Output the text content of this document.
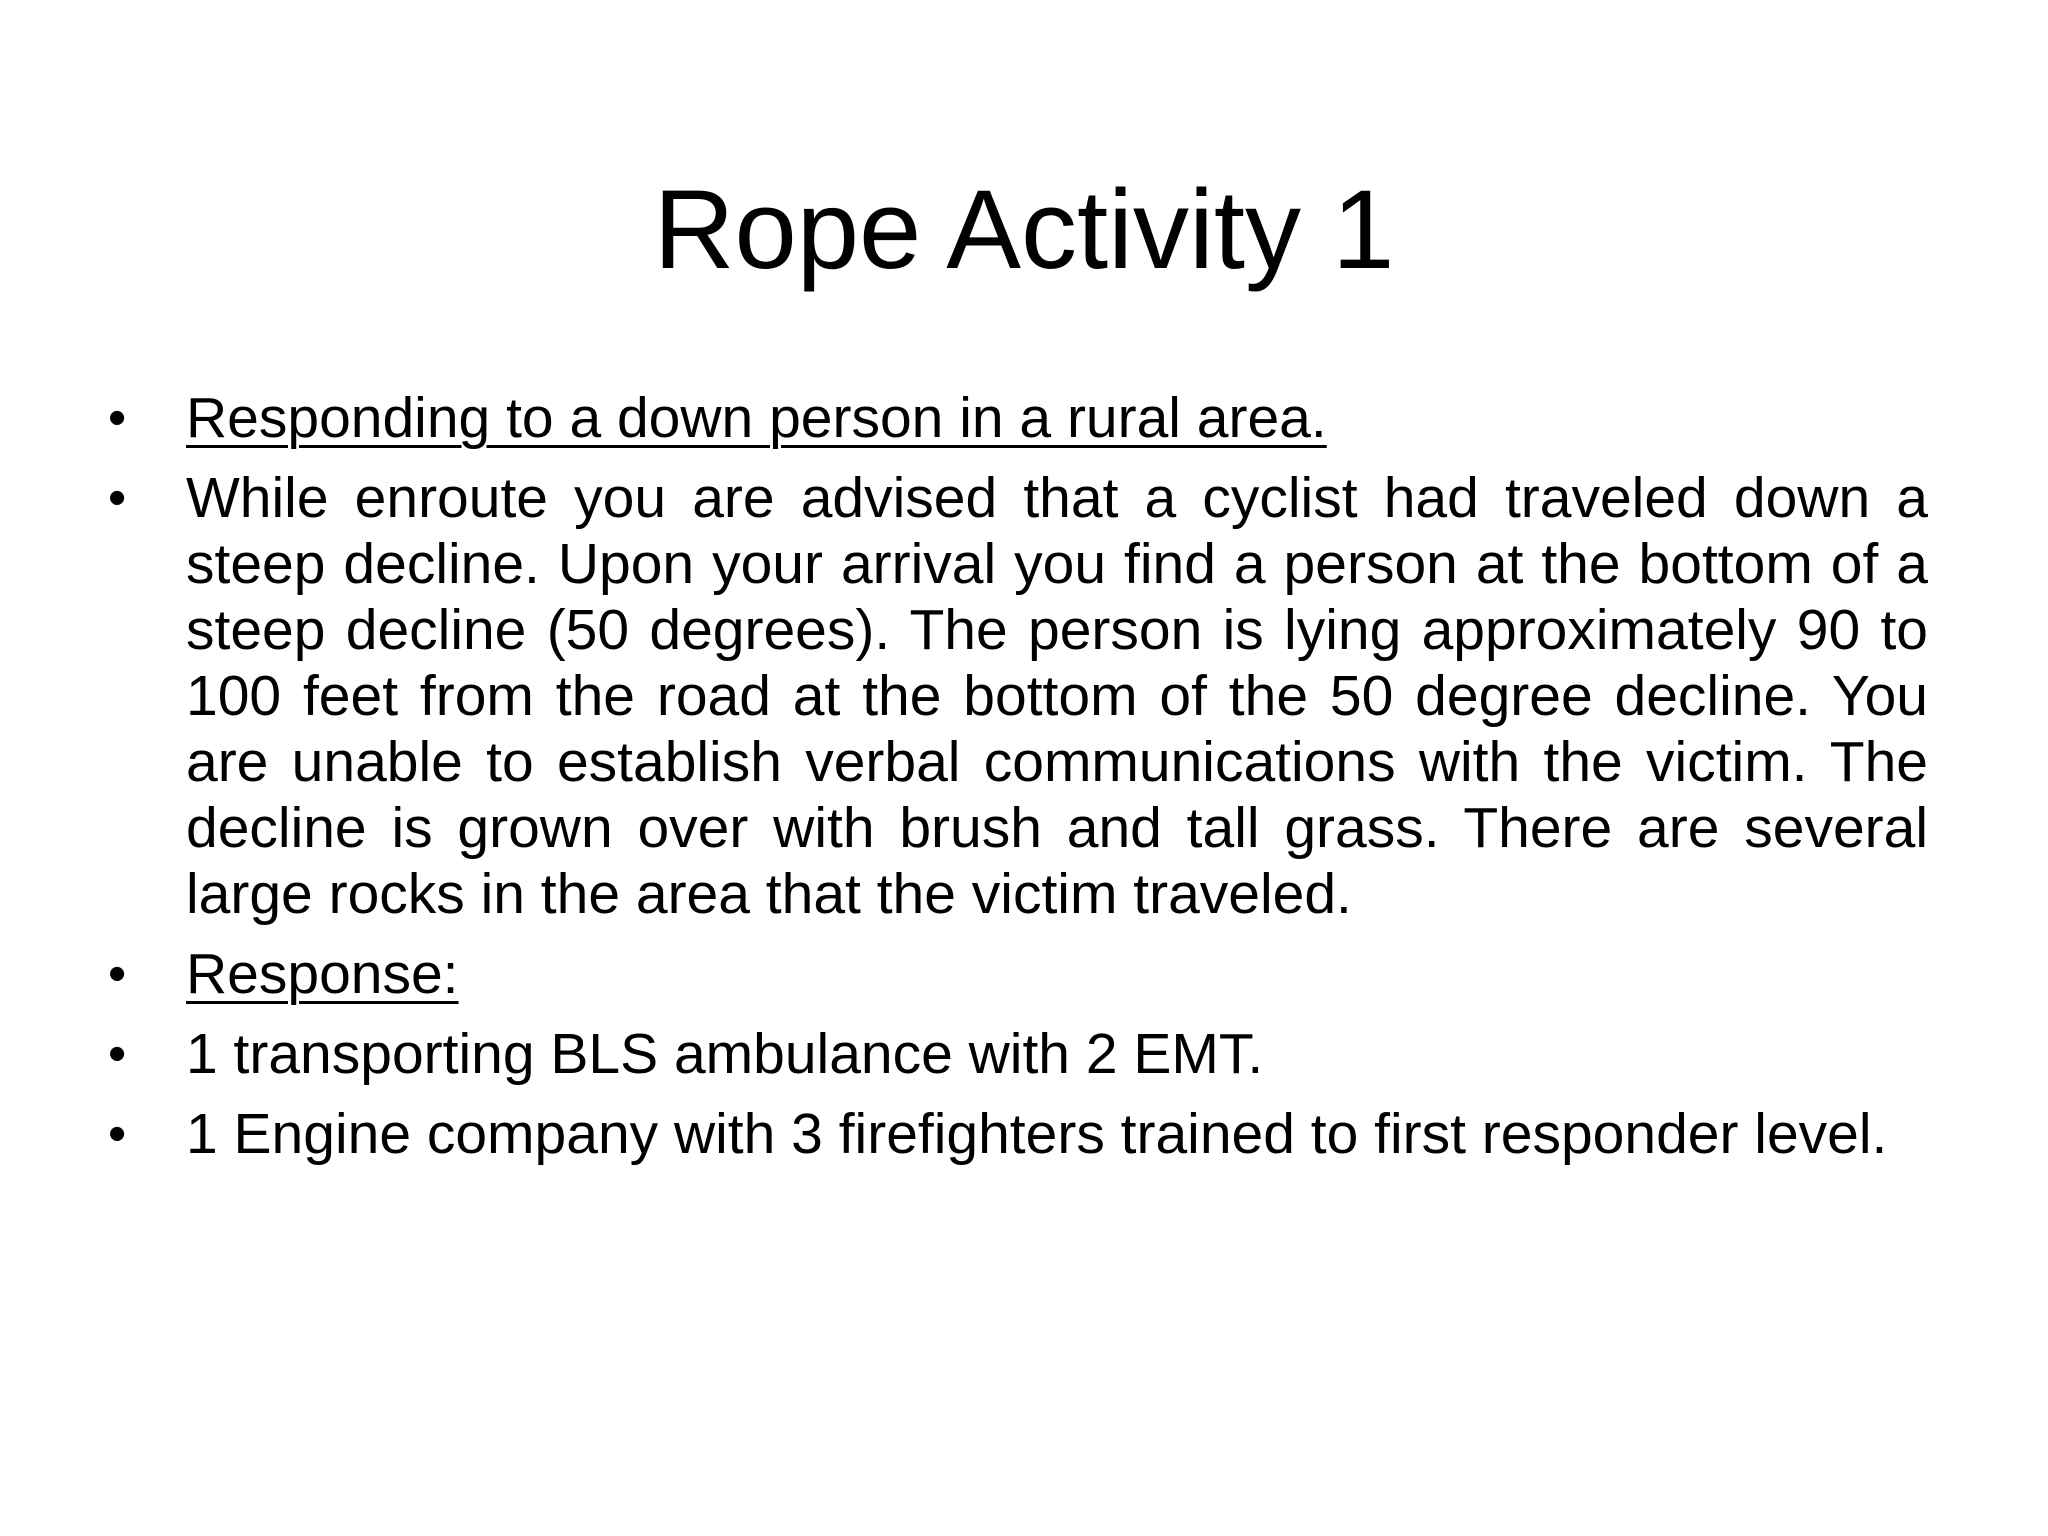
Rope Activity 1
•	Responding to a down person in a rural area.
•	While enroute you are advised that a cyclist had traveled down a steep decline. Upon your arrival you find a person at the bottom of a steep decline (50 degrees). The person is lying approximately 90 to 100 feet from the road at the bottom of the 50 degree decline. You are unable to establish verbal communications with the victim. The decline is grown over with brush and tall grass. There are several large rocks in the area that the victim traveled.
•	Response:
•	1 transporting BLS ambulance with 2 EMT.
•	1 Engine company with 3 firefighters trained to first responder level.
